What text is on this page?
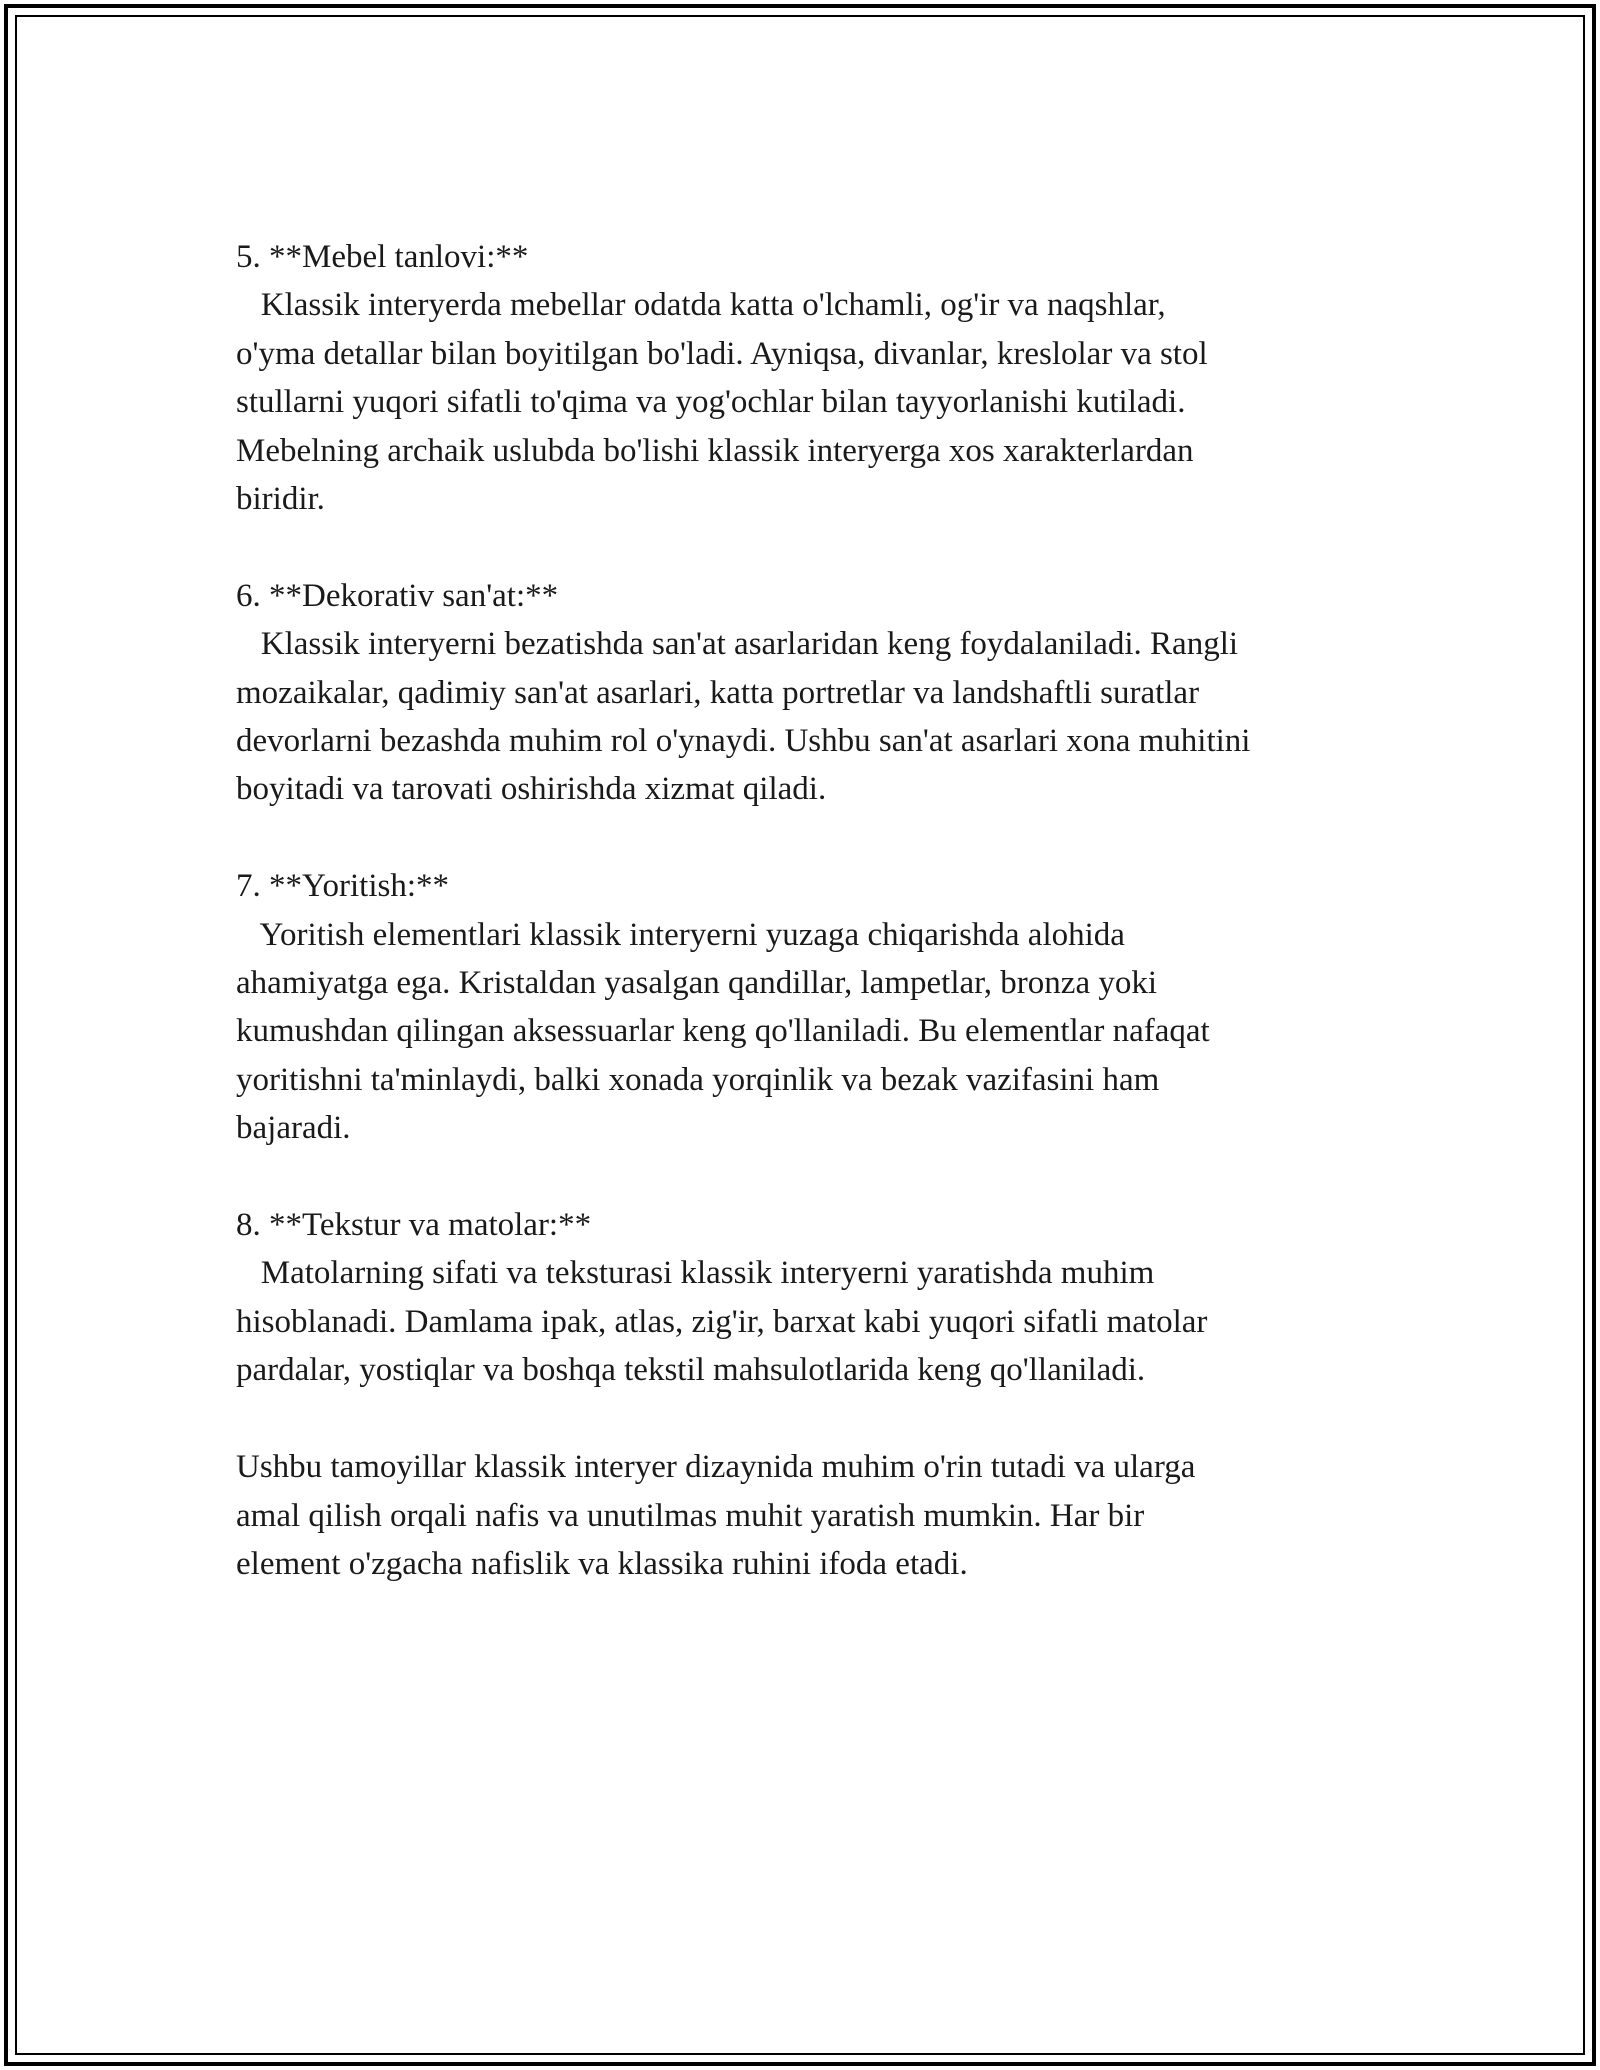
5. **Mebel tanlovi:**
Klassik interyerda mebellar odatda katta o'lchamli, og'ir va naqshlar,
o'yma detallar bilan boyitilgan bo'ladi. Ayniqsa, divanlar, kreslolar va stol
stullarni yuqori sifatli to'qima va yog'ochlar bilan tayyorlanishi kutiladi.
Mebelning archaik uslubda bo'lishi klassik interyerga xos xarakterlardan
biridir.
6. **Dekorativ san'at:**
Klassik interyerni bezatishda san'at asarlaridan keng foydalaniladi. Rangli
mozaikalar, qadimiy san'at asarlari, katta portretlar va landshaftli suratlar
devorlarni bezashda muhim rol o'ynaydi. Ushbu san'at asarlari xona muhitini
boyitadi va tarovati oshirishda xizmat qiladi.
7. **Yoritish:**
Yoritish elementlari klassik interyerni yuzaga chiqarishda alohida
ahamiyatga ega. Kristaldan yasalgan qandillar, lampetlar, bronza yoki
kumushdan qilingan aksessuarlar keng qo'llaniladi. Bu elementlar nafaqat
yoritishni ta'minlaydi, balki xonada yorqinlik va bezak vazifasini ham
bajaradi.
8. **Tekstur va matolar:**
Matolarning sifati va teksturasi klassik interyerni yaratishda muhim
hisoblanadi. Damlama ipak, atlas, zig'ir, barxat kabi yuqori sifatli matolar
pardalar, yostiqlar va boshqa tekstil mahsulotlarida keng qo'llaniladi.
Ushbu tamoyillar klassik interyer dizaynida muhim o'rin tutadi va ularga
amal qilish orqali nafis va unutilmas muhit yaratish mumkin. Har bir
element o'zgacha nafislik va klassika ruhini ifoda etadi.
